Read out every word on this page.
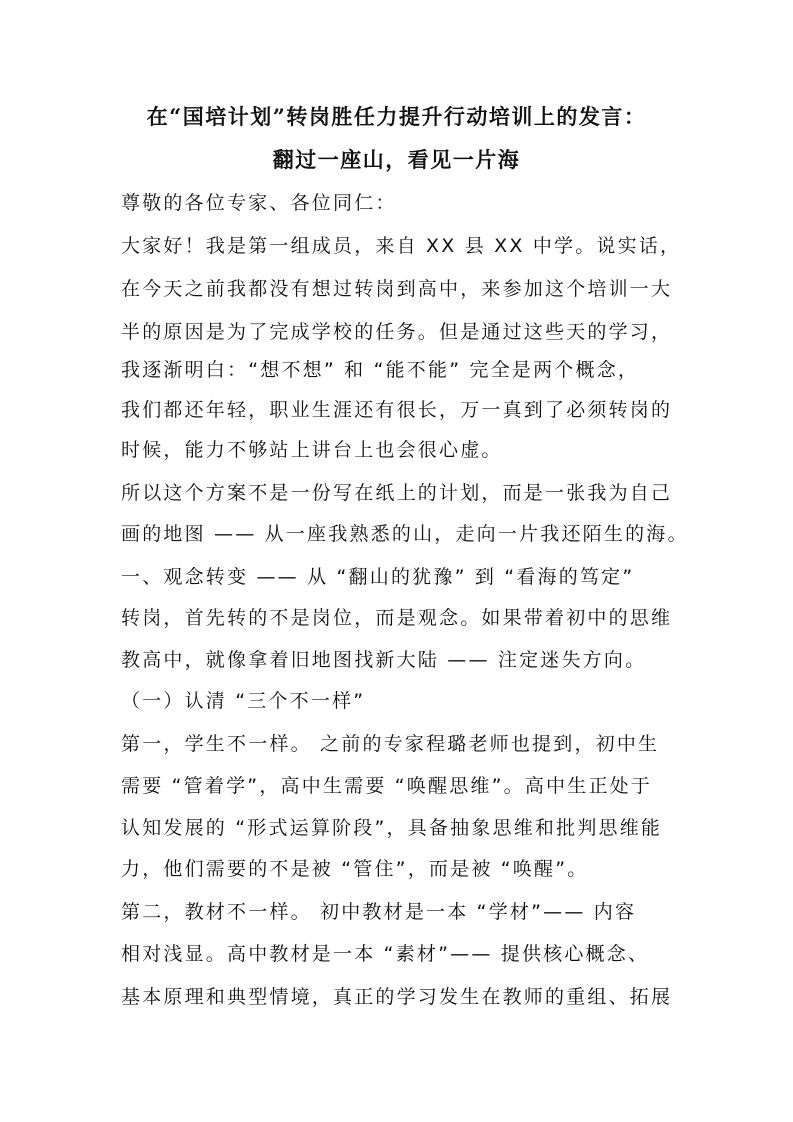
在“国培计划”转岗胜任力提升行动培训上的发言：
翻过一座山，看见一片海
尊敬的各位专家、各位同仁：
大家好！我是第一组成员，来自 XX 县 XX 中学。说实话，
在今天之前我都没有想过转岗到高中，来参加这个培训一大
半的原因是为了完成学校的任务。但是通过这些天的学习，
我逐渐明白：“想不想” 和 “能不能” 完全是两个概念，
我们都还年轻，职业生涯还有很长，万一真到了必须转岗的
时候，能力不够站上讲台上也会很心虚。
所以这个方案不是一份写在纸上的计划，而是一张我为自己
画的地图 —— 从一座我熟悉的山，走向一片我还陌生的海。
一、观念转变 —— 从 “翻山的犹豫” 到 “看海的笃定”
转岗，首先转的不是岗位，而是观念。如果带着初中的思维
教高中，就像拿着旧地图找新大陆 —— 注定迷失方向。
（一）认清 “三个不一样”
第一，学生不一样。 之前的专家程璐老师也提到，初中生
需要 “管着学”，高中生需要 “唤醒思维”。高中生正处于
认知发展的 “形式运算阶段”，具备抽象思维和批判思维能
力，他们需要的不是被 “管住”，而是被 “唤醒”。
第二，教材不一样。 初中教材是一本 “学材”—— 内容
相对浅显。高中教材是一本 “素材”—— 提供核心概念、
基本原理和典型情境，真正的学习发生在教师的重组、拓展
